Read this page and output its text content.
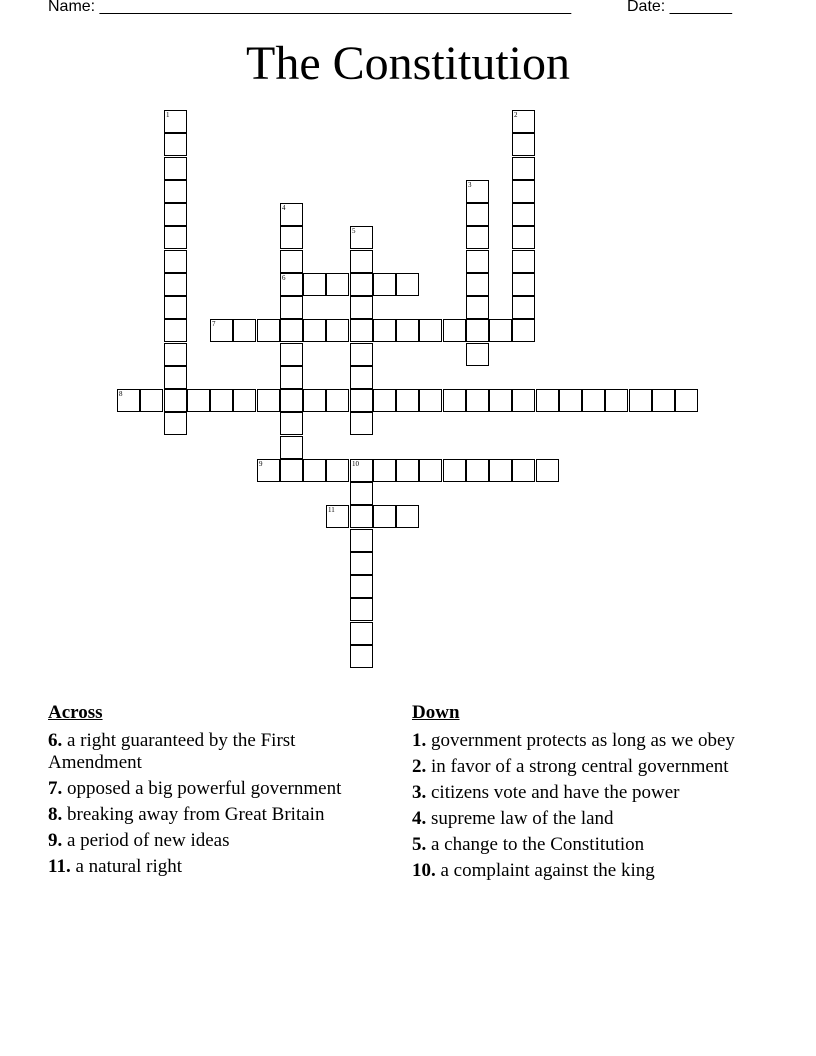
Name: _____________________________________________________	Date: _______
The Constitution
1	2
3
4
6
5
7
8
9	10
11
Across
6. a right guaranteed by the First Amendment
7. opposed a big powerful government
8. breaking away from Great Britain
9. a period of new ideas
11. a natural right
Down
1. government protects as long as we obey
2. in favor of a strong central government
3. citizens vote and have the power
4. supreme law of the land
5. a change to the Constitution
10. a complaint against the king
